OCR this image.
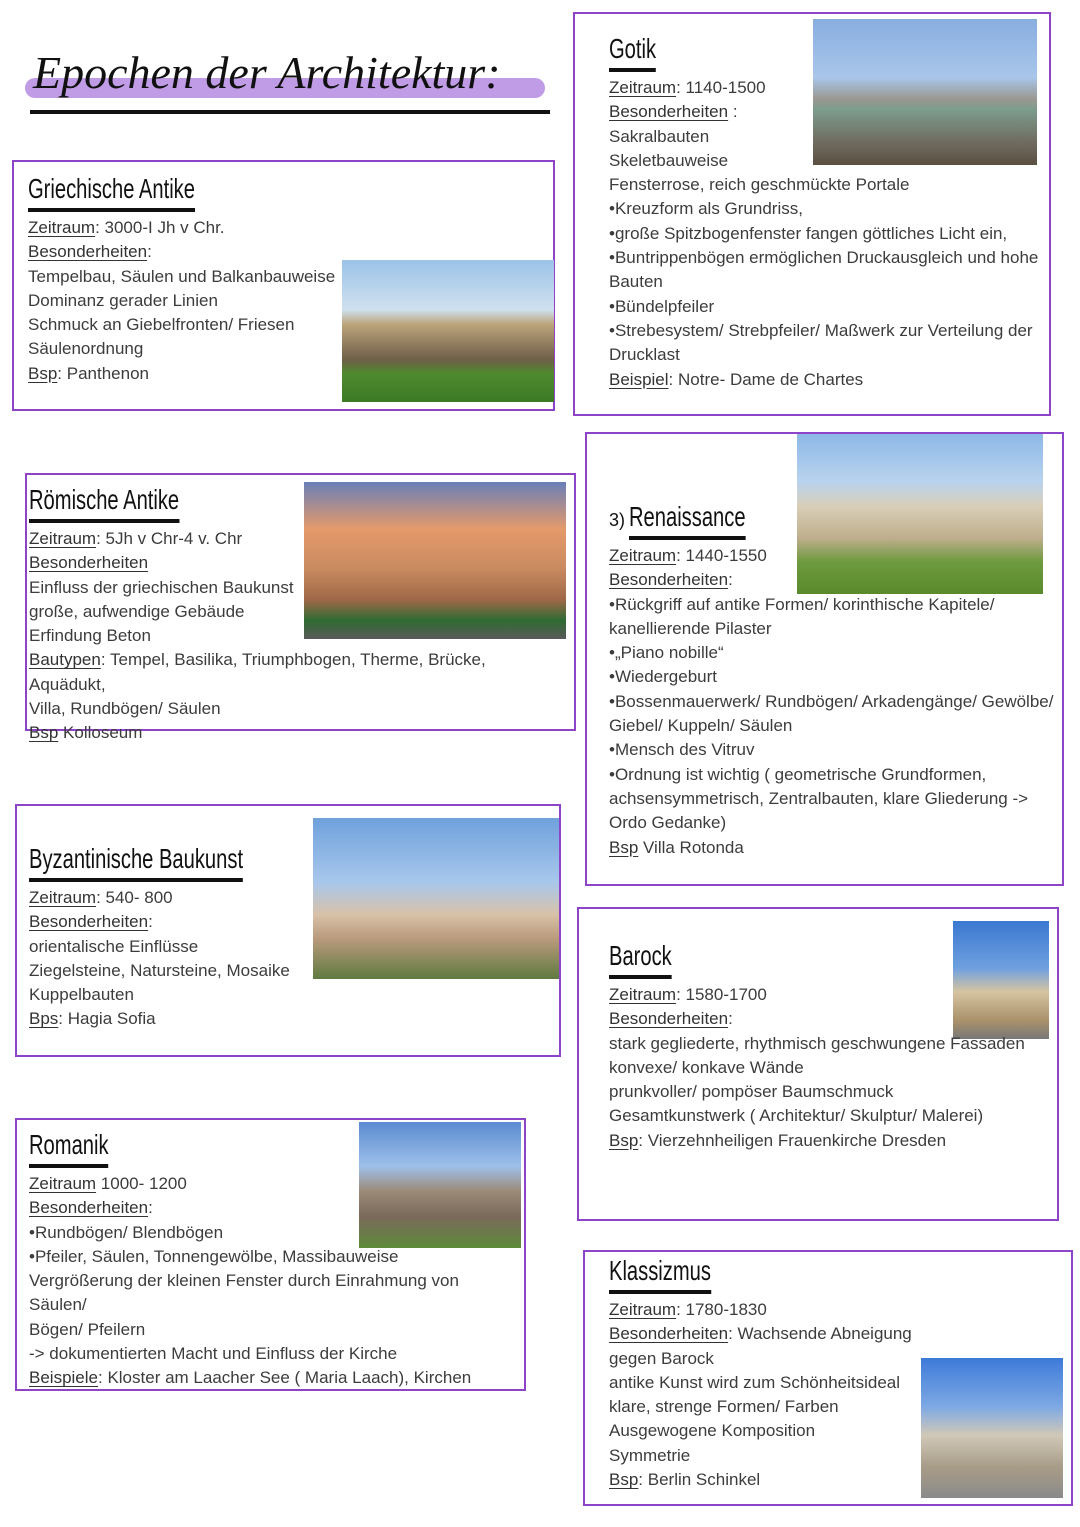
Epochen der Architektur:
Griechische Antike
Zeitraum: 3000-I Jh v Chr.
Besonderheiten:
Tempelbau, Säulen und Balkanbauweise
Dominanz gerader Linien
Schmuck an Giebelfronten/ Friesen
Säulenordnung
Bsp: Panthenon
Gotik
Zeitraum: 1140-1500
Besonderheiten :
Sakralbauten
Skeletbauweise
Fensterrose, reich geschmückte Portale
•Kreuzform als Grundriss,
•große Spitzbogenfenster fangen göttliches Licht ein,
•Buntrippenbögen ermöglichen Druckausgleich und hohe
Bauten
•Bündelpfeiler
•Strebesystem/ Strebpfeiler/ Maßwerk zur Verteilung der
Drucklast
Beispiel: Notre- Dame de Chartes
Römische Antike
Zeitraum: 5Jh v Chr-4 v. Chr
Besonderheiten
Einfluss der griechischen Baukunst
große, aufwendige Gebäude
Erfindung Beton
Bautypen: Tempel, Basilika, Triumphbogen, Therme, Brücke, Aquädukt,
Villa, Rundbögen/ Säulen
Bsp Kolloseum
3) Renaissance
Zeitraum: 1440-1550
Besonderheiten:
•Rückgriff auf antike Formen/ korinthische Kapitele/
kanellierende Pilaster
•„Piano nobille“
•Wiedergeburt
•Bossenmauerwerk/ Rundbögen/ Arkadengänge/ Gewölbe/
Giebel/ Kuppeln/ Säulen
•Mensch des Vitruv
•Ordnung ist wichtig ( geometrische Grundformen,
achsensymmetrisch, Zentralbauten, klare Gliederung ->
Ordo Gedanke)
Bsp Villa Rotonda
Byzantinische Baukunst
Zeitraum: 540- 800
Besonderheiten:
orientalische Einflüsse
Ziegelsteine, Natursteine, Mosaike
Kuppelbauten
Bps: Hagia Sofia
Barock
Zeitraum: 1580-1700
Besonderheiten:
stark gegliederte, rhythmisch geschwungene Fassaden
konvexe/ konkave Wände
prunkvoller/ pompöser Baumschmuck
Gesamtkunstwerk ( Architektur/ Skulptur/ Malerei)
Bsp: Vierzehnheiligen Frauenkirche Dresden
Romanik
Zeitraum 1000- 1200
Besonderheiten:
•Rundbögen/ Blendbögen
•Pfeiler, Säulen, Tonnengewölbe, Massibauweise
Vergrößerung der kleinen Fenster durch Einrahmung von Säulen/
Bögen/ Pfeilern
-> dokumentierten Macht und Einfluss der Kirche
Beispiele: Kloster am Laacher See ( Maria Laach), Kirchen
Klassizmus
Zeitraum: 1780-1830
Besonderheiten: Wachsende Abneigung
gegen Barock
antike Kunst wird zum Schönheitsideal
klare, strenge Formen/ Farben
Ausgewogene Komposition
Symmetrie
Bsp: Berlin Schinkel
